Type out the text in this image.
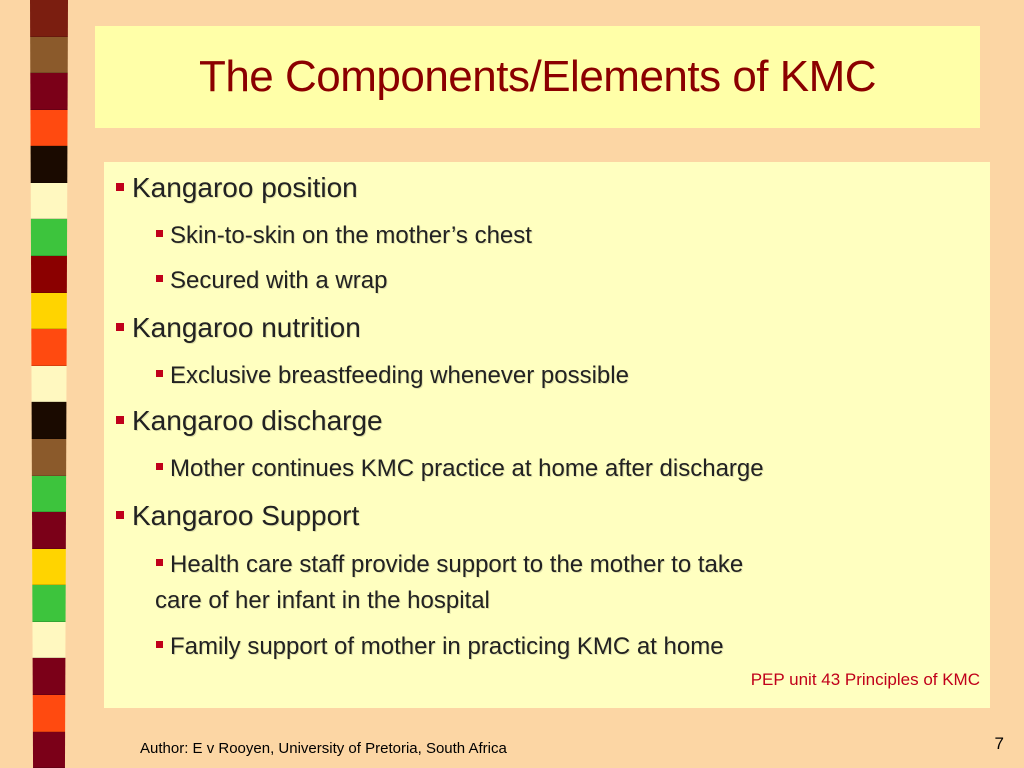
The Components/Elements of KMC
Kangaroo position
Skin-to-skin on the mother’s chest
Secured with a wrap
Kangaroo nutrition
Exclusive breastfeeding whenever possible
Kangaroo discharge
Mother continues KMC practice at home after discharge
Kangaroo Support
Health care staff provide support to the mother to take
care of her infant in the hospital
Family support of mother in practicing KMC at home
PEP unit 43 Principles of KMC
Author: E v Rooyen, University of Pretoria, South Africa	7
